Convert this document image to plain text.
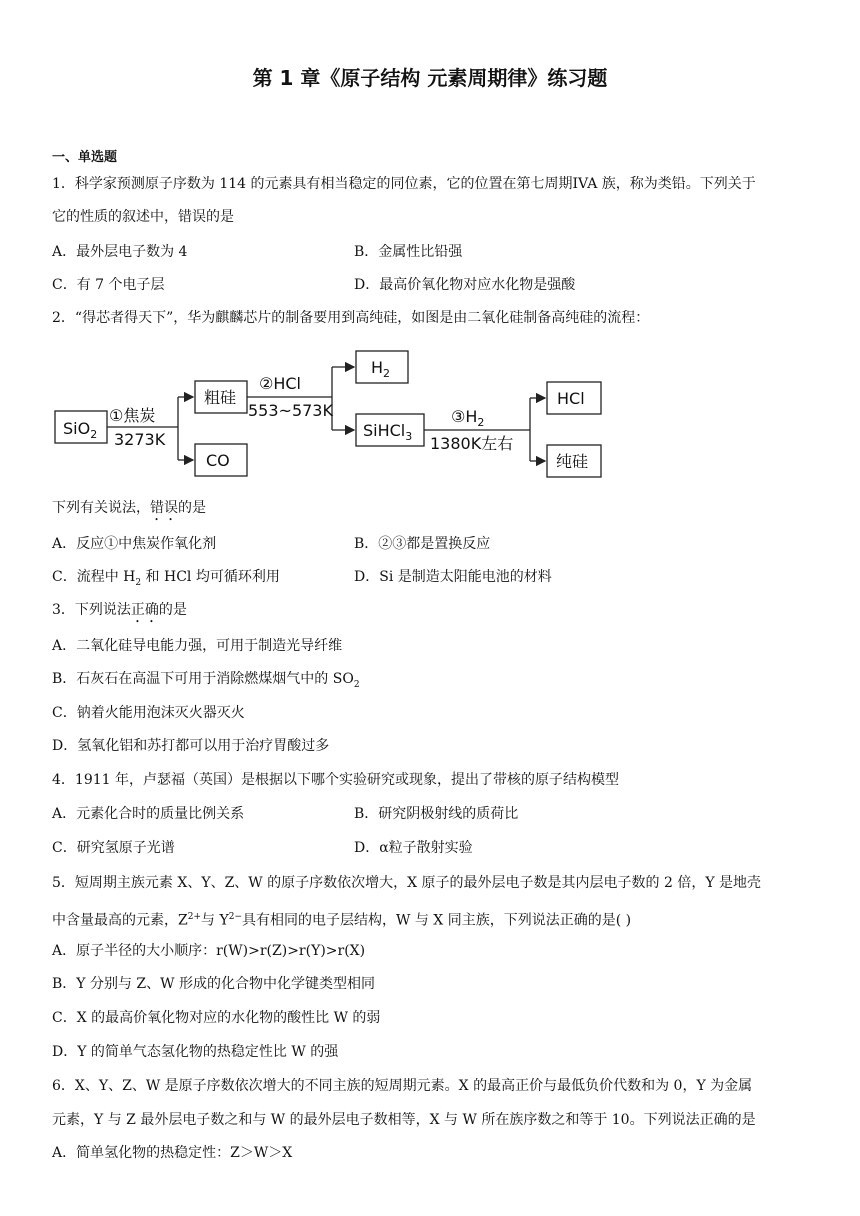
第 1 章《原子结构 元素周期律》练习题
一、单选题
1．科学家预测原子序数为 114 的元素具有相当稳定的同位素，它的位置在第七周期IVA 族，称为类铅。下列关于
它的性质的叙述中，错误的是
A．最外层电子数为 4	B．金属性比铅强
C．有 7 个电子层	D．最高价氧化物对应水化物是强酸
2．“得芯者得天下”，华为麒麟芯片的制备要用到高纯硅，如图是由二氧化硅制备高纯硅的流程：
SiO$_2$
①焦炭
3273K
粗硅
CO
②HCl
553~573K
$H_2$
SiHCl$_3$
$③H_2$
1380K左右
HCl
纯硅
下列有关说法，错误的是
A．反应①中焦炭作氧化剂	B．②③都是置换反应
C．流程中 $H_2$ 和 HCl 均可循环利用	D．Si 是制造太阳能电池的材料
3．下列说法正确的是
A．二氧化硅导电能力强，可用于制造光导纤维
B．石灰石在高温下可用于消除燃煤烟气中的 $SO_2$
C．钠着火能用泡沫灭火器灭火
D．氢氧化铝和苏打都可以用于治疗胃酸过多
4．1911 年，卢瑟福（英国）是根据以下哪个实验研究或现象，提出了带核的原子结构模型
A．元素化合时的质量比例关系	B．研究阴极射线的质荷比
C．研究氢原子光谱	D．α粒子散射实验
5．短周期主族元素 X、Y、Z、W 的原子序数依次增大，X 原子的最外层电子数是其内层电子数的 2 倍，Y 是地壳
中含量最高的元素，$Z^{2+}$与 $Y^{2-}$具有相同的电子层结构，W 与 X 同主族，下列说法正确的是( )
A．原子半径的大小顺序：r(W)>r(Z)>r(Y)>r(X)
B．Y 分别与 Z、W 形成的化合物中化学键类型相同
C．X 的最高价氧化物对应的水化物的酸性比 W 的弱
D．Y 的简单气态氢化物的热稳定性比 W 的强
6．X、Y、Z、W 是原子序数依次增大的不同主族的短周期元素。X 的最高正价与最低负价代数和为 0，Y 为金属
元素，Y 与 Z 最外层电子数之和与 W 的最外层电子数相等，X 与 W 所在族序数之和等于 10。下列说法正确的是
A．简单氢化物的热稳定性：Z＞W＞X
